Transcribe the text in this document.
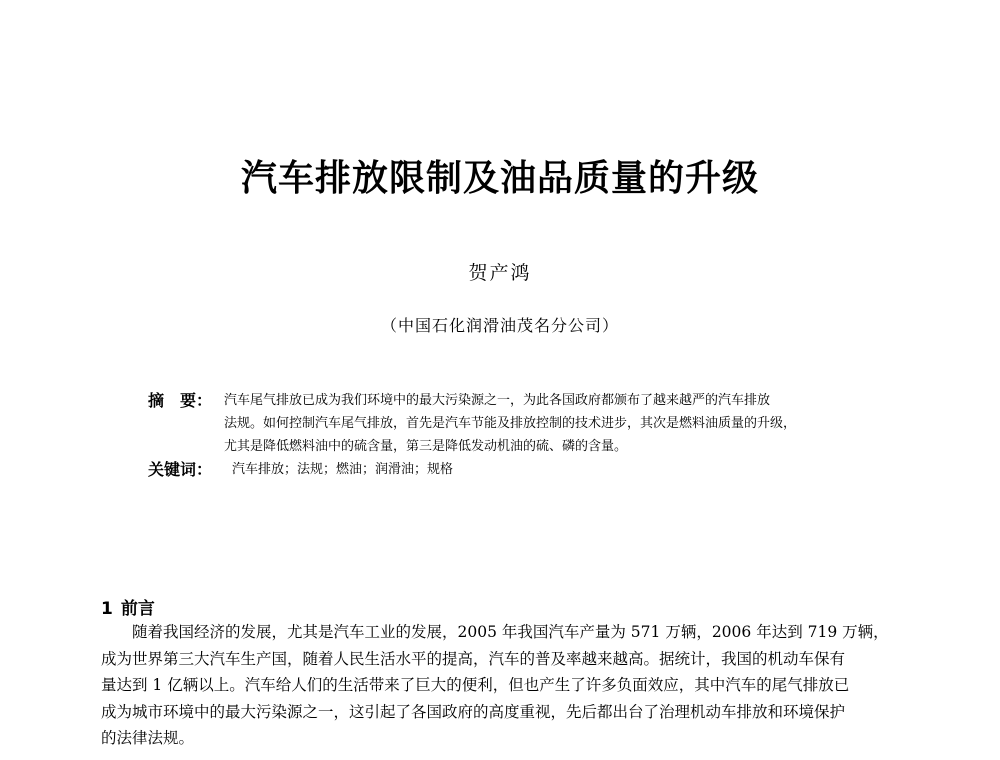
汽车排放限制及油品质量的升级
贺产鸿
（中国石化润滑油茂名分公司）
摘　要： 汽车尾气排放已成为我们环境中的最大污染源之一，为此各国政府都颁布了越来越严的汽车排放
法规。如何控制汽车尾气排放，首先是汽车节能及排放控制的技术进步，其次是燃料油质量的升级，
尤其是降低燃料油中的硫含量，第三是降低发动机油的硫、磷的含量。
关键词：	汽车排放；法规；燃油；润滑油；规格
1 前言
随着我国经济的发展，尤其是汽车工业的发展，2005 年我国汽车产量为 571 万辆，2006 年达到 719 万辆，
成为世界第三大汽车生产国，随着人民生活水平的提高，汽车的普及率越来越高。据统计，我国的机动车保有
量达到 1 亿辆以上。汽车给人们的生活带来了巨大的便利，但也产生了许多负面效应，其中汽车的尾气排放已
成为城市环境中的最大污染源之一，这引起了各国政府的高度重视，先后都出台了治理机动车排放和环境保护
的法律法规。
